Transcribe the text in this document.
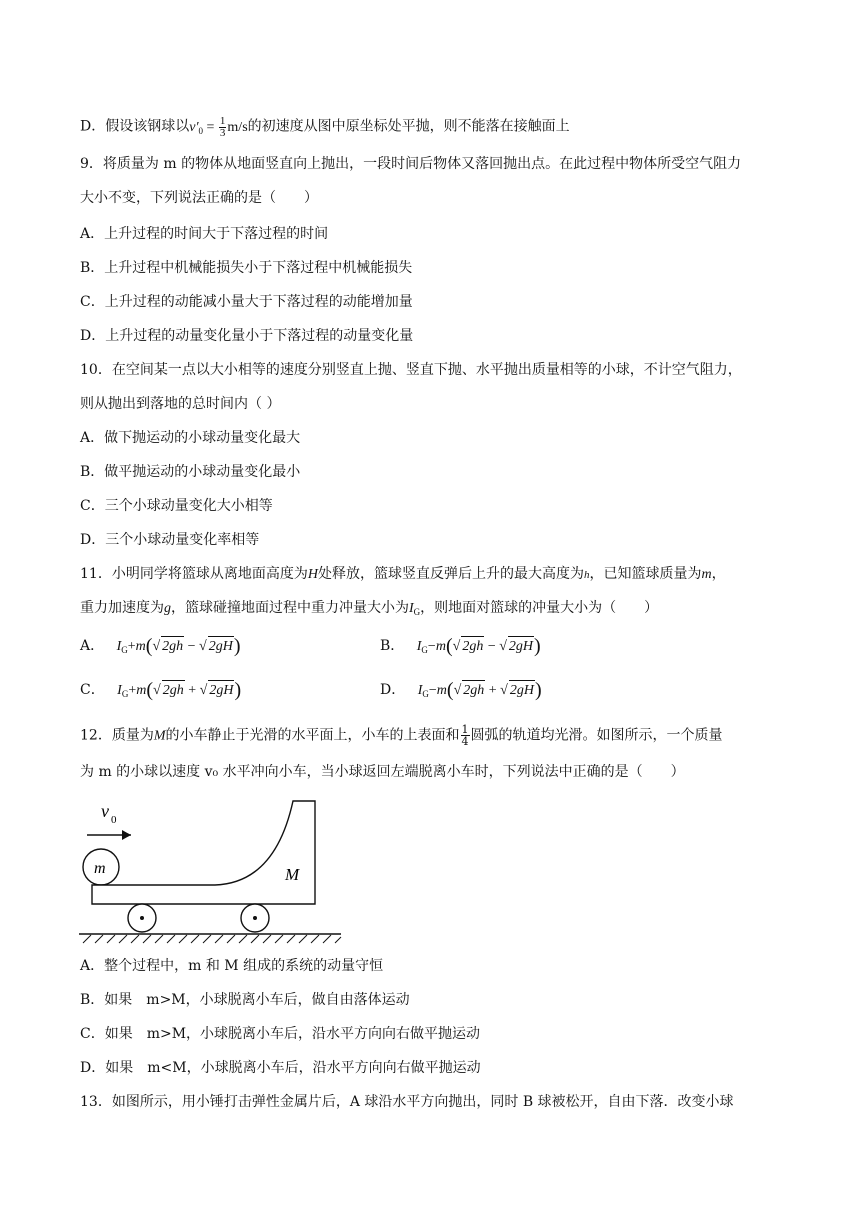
D．假设该钢球以$v'_0 = \frac{1}{3} m/s$的初速度从图中原坐标处平抛，则不能落在接触面上
9．将质量为 m 的物体从地面竖直向上抛出，一段时间后物体又落回抛出点。在此过程中物体所受空气阻力
大小不变，下列说法正确的是（　　）
A．上升过程的时间大于下落过程的时间
B．上升过程中机械能损失小于下落过程中机械能损失
C．上升过程的动能减小量大于下落过程的动能增加量
D．上升过程的动量变化量小于下落过程的动量变化量
10．在空间某一点以大小相等的速度分别竖直上抛、竖直下抛、水平抛出质量相等的小球，不计空气阻力，
则从抛出到落地的总时间内（ ）
A．做下抛运动的小球动量变化最大
B．做平抛运动的小球动量变化最小
C．三个小球动量变化大小相等
D．三个小球动量变化率相等
11．小明同学将篮球从离地面高度为H处释放，篮球竖直反弹后上升的最大高度为h，已知篮球质量为m，
重力加速度为g，篮球碰撞地面过程中重力冲量大小为$I_G$，则地面对篮球的冲量大小为（　　）
A． $I_G+m(√$ 2gh − √ 2gH)	B． $I_G-m(√$ 2gh − √ 2gH)
C． $I_G+m(√$ 2gh + √ 2gH)	D． $I_G-m(√$ 2gh + √ 2gH)
12．质量为M的小车静止于光滑的水平面上，小车的上表面和 $\frac{1}{4}$ 圆弧的轨道均光滑。如图所示，一个质量
为 m 的小球以速度 v₀ 水平冲向小车，当小球返回左端脱离小车时，下列说法中正确的是（　　）
v 0
m	M
A．整个过程中，m 和 M 组成的系统的动量守恒
B．如果　m>M，小球脱离小车后，做自由落体运动
C．如果　m>M，小球脱离小车后，沿水平方向向右做平抛运动
D．如果　m<M，小球脱离小车后，沿水平方向向右做平抛运动
13．如图所示，用小锤打击弹性金属片后，A 球沿水平方向抛出，同时 B 球被松开，自由下落．改变小球
